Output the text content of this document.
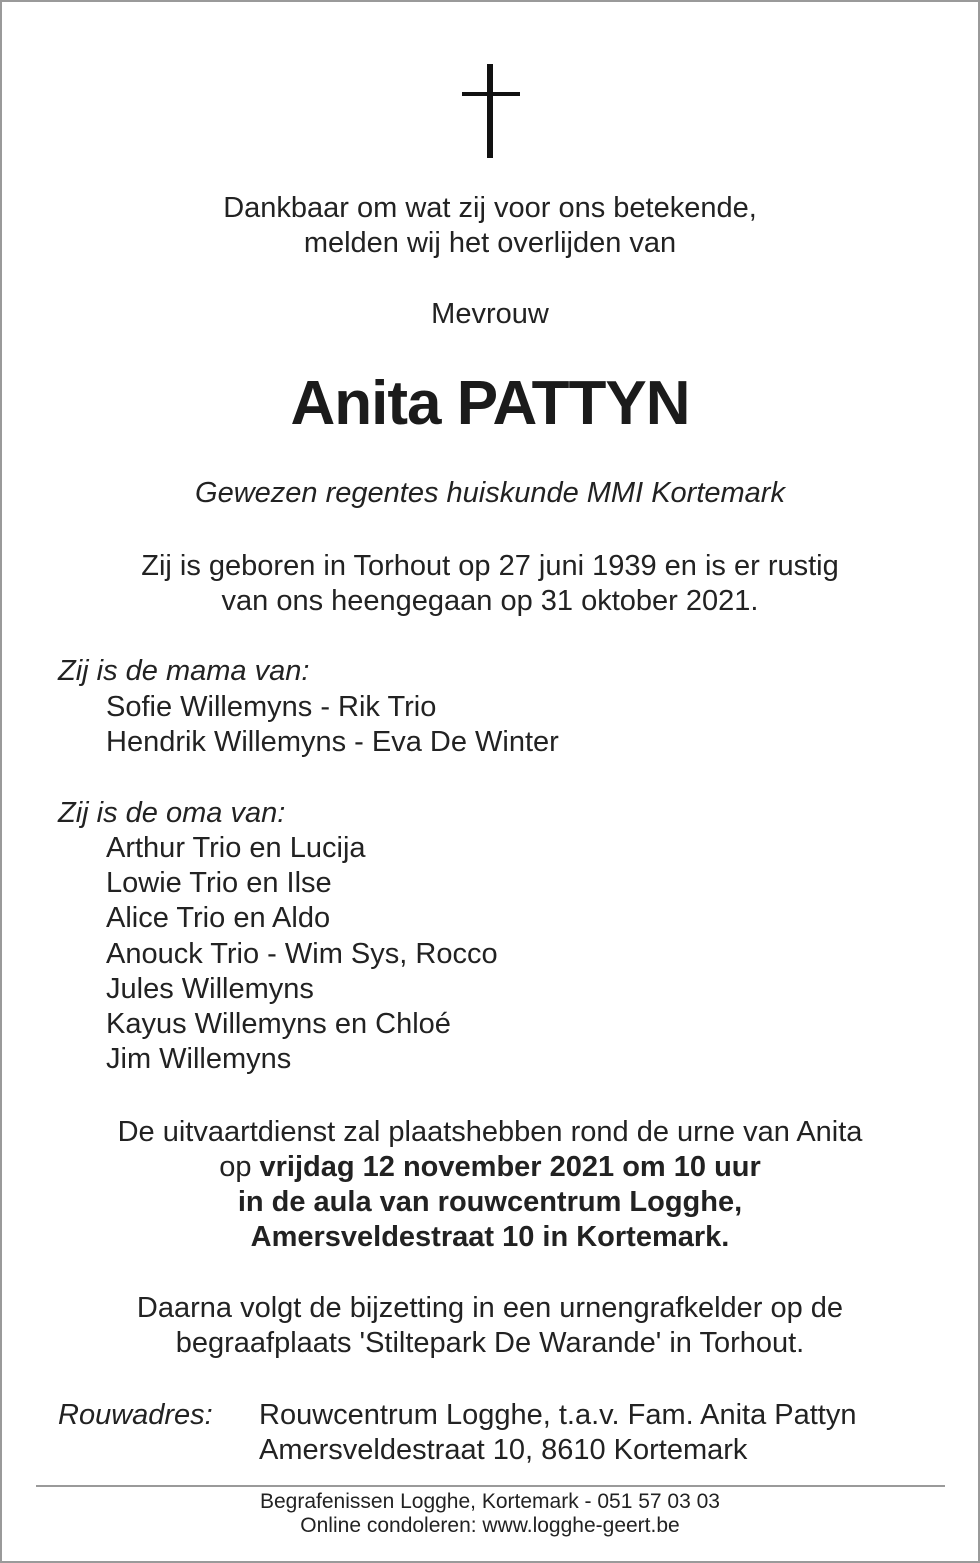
Dankbaar om wat zij voor ons betekende,
melden wij het overlijden van
Mevrouw
Anita PATTYN
Gewezen regentes huiskunde MMI Kortemark
Zij is geboren in Torhout op 27 juni 1939 en is er rustig
van ons heengegaan op 31 oktober 2021.
Zij is de mama van:
Sofie Willemyns - Rik Trio
Hendrik Willemyns - Eva De Winter
Zij is de oma van:
Arthur Trio en Lucija
Lowie Trio en Ilse
Alice Trio en Aldo
Anouck Trio - Wim Sys, Rocco
Jules Willemyns
Kayus Willemyns en Chloé
Jim Willemyns
De uitvaartdienst zal plaatshebben rond de urne van Anita
op vrijdag 12 november 2021 om 10 uur
in de aula van rouwcentrum Logghe,
Amersveldestraat 10 in Kortemark.
Daarna volgt de bijzetting in een urnengrafkelder op de
begraafplaats 'Stiltepark De Warande' in Torhout.
Rouwadres: Rouwcentrum Logghe, t.a.v. Fam. Anita Pattyn
Amersveldestraat 10, 8610 Kortemark
Begrafenissen Logghe, Kortemark - 051 57 03 03
Online condoleren: www.logghe-geert.be
